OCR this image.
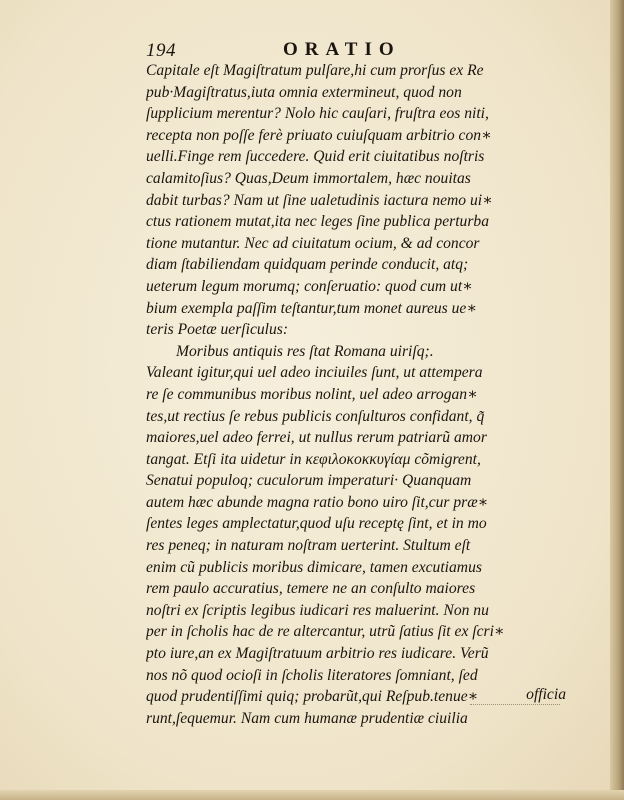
194	ORATIO
Capitale eſt Magiſtratum pulſare,hi cum prorſus ex Re
pub·Magiſtratus,iuta omnia extermineut, quod non
ſupplicium merentur? Nolo hic cauſari, fruſtra eos niti,
recepta non poſſe ferè priuato cuiuſquam arbitrio con∗
uelli.Finge rem ſuccedere. Quid erit ciuitatibus noſtris
calamitoſius? Quas,Deum immortalem, hæc nouitas
dabit turbas? Nam ut ſine ualetudinis iactura nemo ui∗
ctus rationem mutat,ita nec leges ſine publica perturba
tione mutantur. Nec ad ciuitatum ocium, & ad concor
diam ſtabiliendam quidquam perinde conducit, atq;
ueterum legum morumq; conſeruatio: quod cum ut∗
bium exempla paſſim teſtantur,tum monet aureus ue∗
teris Poetæ uerſiculus:
Moribus antiquis res ſtat Romana uiriſq;.
Valeant igitur,qui uel adeo inciuiles ſunt, ut attempera
re ſe communibus moribus nolint, uel adeo arrogan∗
tes,ut rectius ſe rebus publicis conſulturos confidant, q̃
maiores,uel adeo ferrei, ut nullus rerum patriarũ amor
tangat. Etſi ita uidetur in κεφιλοκοκκυγίαμ cõmigrent,
Senatui populoq; cuculorum imperaturi· Quanquam
autem hæc abunde magna ratio bono uiro ſit,cur præ∗
ſentes leges amplectatur,quod uſu receptę ſint, et in mo
res peneq; in naturam noſtram uerterint. Stultum eſt
enim cũ publicis moribus dimicare, tamen excutiamus
rem paulo accuratius, temere ne an conſulto maiores
noſtri ex ſcriptis legibus iudicari res maluerint. Non nu
per in ſcholis hac de re altercantur, utrũ ſatius ſit ex ſcri∗
pto iure,an ex Magiſtratuum arbitrio res iudicare. Verũ
nos nõ quod ocioſi in ſcholis literatores ſomniant, ſed
quod prudentiſſimi quiq; probarũt,qui Reſpub.tenue∗
runt,ſequemur. Nam cum humanæ prudentiæ ciuilia
officia
